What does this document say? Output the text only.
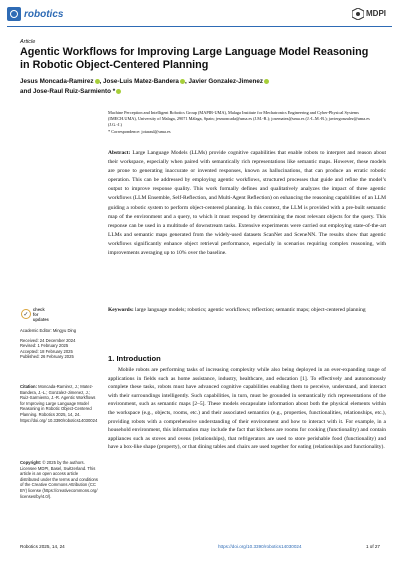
robotics	MDPI
Article
Agentic Workflows for Improving Large Language Model Reasoning in Robotic Object-Centered Planning
Jesus Moncada-Ramirez , Jose-Luis Matez-Bandera , Javier Gonzalez-Jimenez
and Jose-Raul Ruiz-Sarmiento *
Machine Perception and Intelligent Robotics Group (MAPIR-UMA), Malaga Institute for Mechatronics Engineering and Cyber-Physical Systems (IMECH.UMA), University of Malaga, 29071 Málaga, Spain; jesmoncada@uma.es (J.M.-R.); josematez@uma.es (J.-L.M.-B.); javiergonzalez@uma.es (J.G.-J.)
* Correspondence: jotaraul@uma.es
Abstract: Large Language Models (LLMs) provide cognitive capabilities that enable robots to interpret and reason about their workspace, especially when paired with semantically rich representations like semantic maps. However, these models are prone to generating inaccurate or invented responses, known as hallucinations, that can produce an erratic robotic operation. This can be addressed by employing agentic workflows, structured processes that guide and refine the model’s output to improve response quality. This work formally defines and qualitatively analyzes the impact of three agentic workflows (LLM Ensemble, Self-Reflection, and Multi-Agent Reflection) on enhancing the reasoning capabilities of an LLM guiding a robotic system to perform object-centered planning. In this context, the LLM is provided with a pre-built semantic map of the environment and a query, to which it must respond by determining the most relevant objects for the query. This response can be used in a multitude of downstream tasks. Extensive experiments were carried out employing state-of-the-art LLMs and semantic maps generated from the widely-used datasets ScanNet and SceneNN. The results show that agentic workflows significantly enhance object retrieval performance, especially in scenarios requiring complex reasoning, with improvements averaging up to 10% over the baseline.
Keywords: large language models; robotics; agentic workflows; reflection; semantic maps; object-centered planning
✓
check for
updates
Academic Editor: Mingyu Ding
Received: 24 December 2024
Revised: 1 February 2025
Accepted: 18 February 2025
Published: 26 February 2025
Citation: Moncada-Ramirez, J.; Matez-Bandera, J.-L.; Gonzalez-Jimenez, J.; Ruiz-Sarmiento, J.-R. Agentic Workflows for Improving Large Language Model Reasoning in Robotic Object-Centered Planning. Robotics 2025, 14, 24. https://doi.org/ 10.3390/robotics14030024
Copyright: © 2025 by the authors. Licensee MDPI, Basel, Switzerland. This article is an open access article distributed under the terms and conditions of the Creative Commons Attribution (CC BY) license (https://creativecommons.org/ licenses/by/4.0/).
1. Introduction

Mobile robots are performing tasks of increasing complexity while also being deployed in an ever-expanding range of applications in fields such as home assistance, industry, healthcare, and education [1]. To effectively and autonomously complete these tasks, robots must have advanced cognitive capabilities enabling them to perceive, understand, and interact with their surroundings intelligently. Such capabilities, in turn, must be grounded in semantically rich representations of the environment, such as semantic maps [2–5]. These models encapsulate information about both the physical elements within the workspace (e.g., objects, rooms, etc.) and their associated semantics (e.g., properties, functionalities, relationships, etc.), providing robots with a comprehensive understanding of their environment and how to interact with it. For example, in a household environment, this information may include the fact that kitchens are rooms for cooking (functionality) and contain appliances such as stoves and ovens (relationships), that refrigerators are used to store perishable food (functionality) and have a box-like shape (property), or that dining tables and chairs are used together for eating (relationships and functionality).

Robotics 2025, 14, 24	https://doi.org/10.3390/robotics14030024	1 of 27
